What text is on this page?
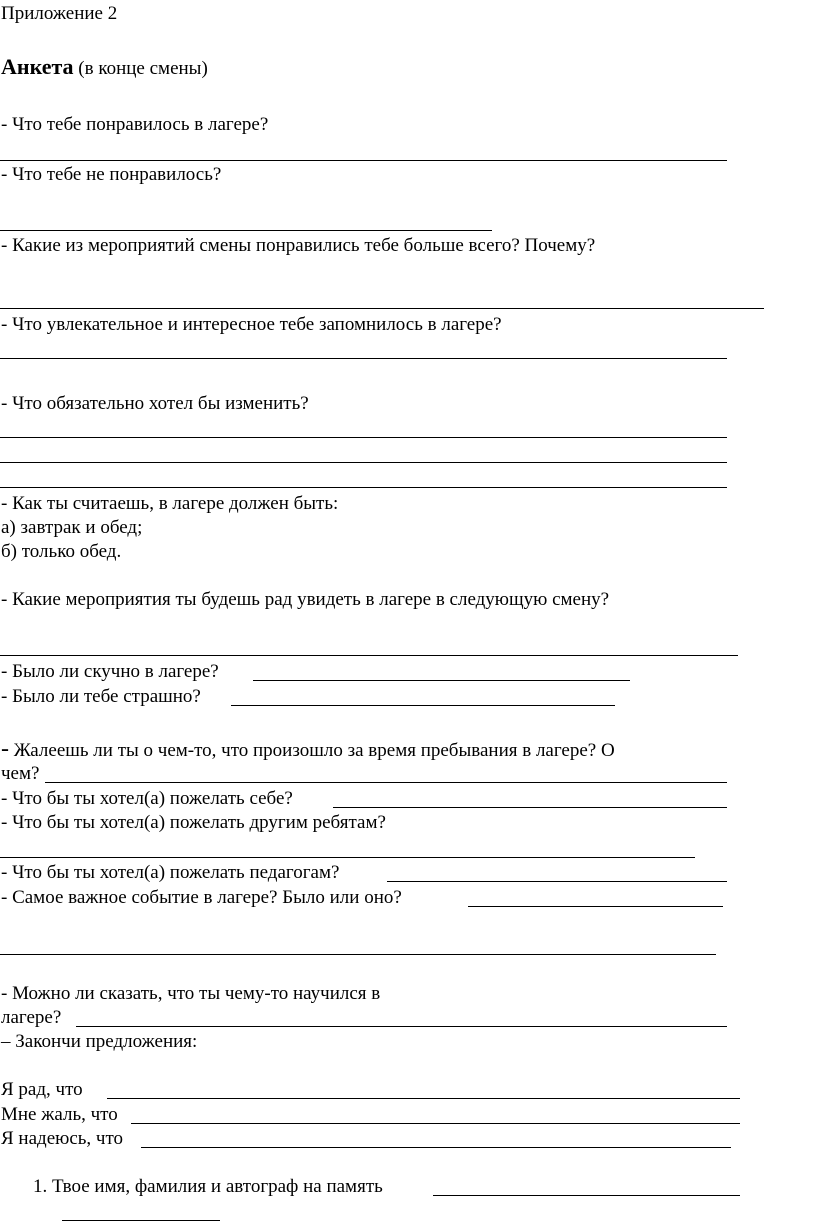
Приложение 2
Анкета (в конце смены)
- Что тебе понравилось в лагере?
- Что тебе не понравилось?
- Какие из мероприятий смены понравились тебе больше всего? Почему?
- Что увлекательное и интересное тебе запомнилось в лагере?
- Что обязательно хотел бы изменить?
- Как ты считаешь, в лагере должен быть:
а) завтрак и обед;
б) только обед.
- Какие мероприятия ты будешь рад увидеть в лагере в следующую смену?
- Было ли скучно в лагере?
- Было ли тебе страшно?
- Жалеешь ли ты о чем-то, что произошло за время пребывания в лагере? О
чем?
- Что бы ты хотел(а) пожелать себе?
- Что бы ты хотел(а) пожелать другим ребятам?
- Что бы ты хотел(а) пожелать педагогам?
- Самое важное событие в лагере? Было или оно?
- Можно ли сказать, что ты чему-то научился в
лагере?
– Закончи предложения:
Я рад, что
Мне жаль, что
Я надеюсь, что
1. Твое имя, фамилия и автограф на память
